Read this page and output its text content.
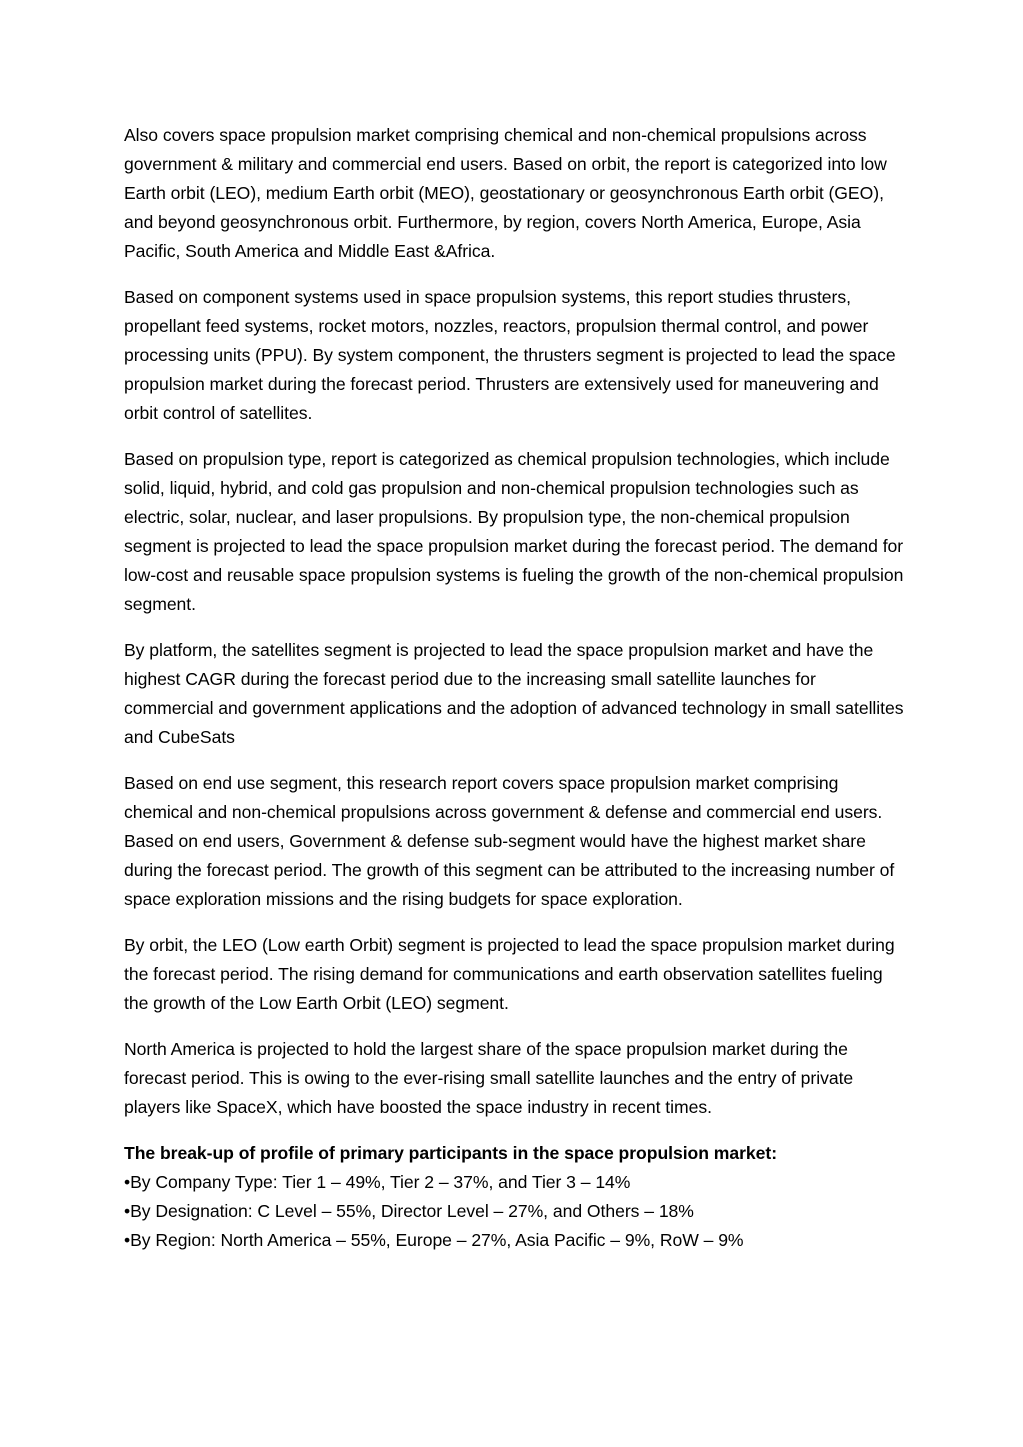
Also covers space propulsion market comprising chemical and non-chemical propulsions across government & military and commercial end users. Based on orbit, the report is categorized into low Earth orbit (LEO), medium Earth orbit (MEO), geostationary or geosynchronous Earth orbit (GEO), and beyond geosynchronous orbit. Furthermore, by region, covers North America, Europe, Asia Pacific, South America and Middle East &Africa.

Based on component systems used in space propulsion systems, this report studies thrusters, propellant feed systems, rocket motors, nozzles, reactors, propulsion thermal control, and power processing units (PPU). By system component, the thrusters segment is projected to lead the space propulsion market during the forecast period. Thrusters are extensively used for maneuvering and orbit control of satellites.

Based on propulsion type, report is categorized as chemical propulsion technologies, which include solid, liquid, hybrid, and cold gas propulsion and non-chemical propulsion technologies such as electric, solar, nuclear, and laser propulsions. By propulsion type, the non-chemical propulsion segment is projected to lead the space propulsion market during the forecast period. The demand for low-cost and reusable space propulsion systems is fueling the growth of the non-chemical propulsion segment.

By platform, the satellites segment is projected to lead the space propulsion market and have the highest CAGR during the forecast period due to the increasing small satellite launches for commercial and government applications and the adoption of advanced technology in small satellites and CubeSats

Based on end use segment, this research report covers space propulsion market comprising chemical and non-chemical propulsions across government & defense and commercial end users. Based on end users, Government & defense sub-segment would have the highest market share during the forecast period. The growth of this segment can be attributed to the increasing number of space exploration missions and the rising budgets for space exploration.

By orbit, the LEO (Low earth Orbit) segment is projected to lead the space propulsion market during the forecast period. The rising demand for communications and earth observation satellites fueling the growth of the Low Earth Orbit (LEO) segment.

North America is projected to hold the largest share of the space propulsion market during the forecast period. This is owing to the ever-rising small satellite launches and the entry of private players like SpaceX, which have boosted the space industry in recent times.

The break-up of profile of primary participants in the space propulsion market:

•By Company Type: Tier 1 – 49%, Tier 2 – 37%, and Tier 3 – 14%

•By Designation: C Level – 55%, Director Level – 27%, and Others – 18%

•By Region: North America – 55%, Europe – 27%, Asia Pacific – 9%, RoW – 9%
